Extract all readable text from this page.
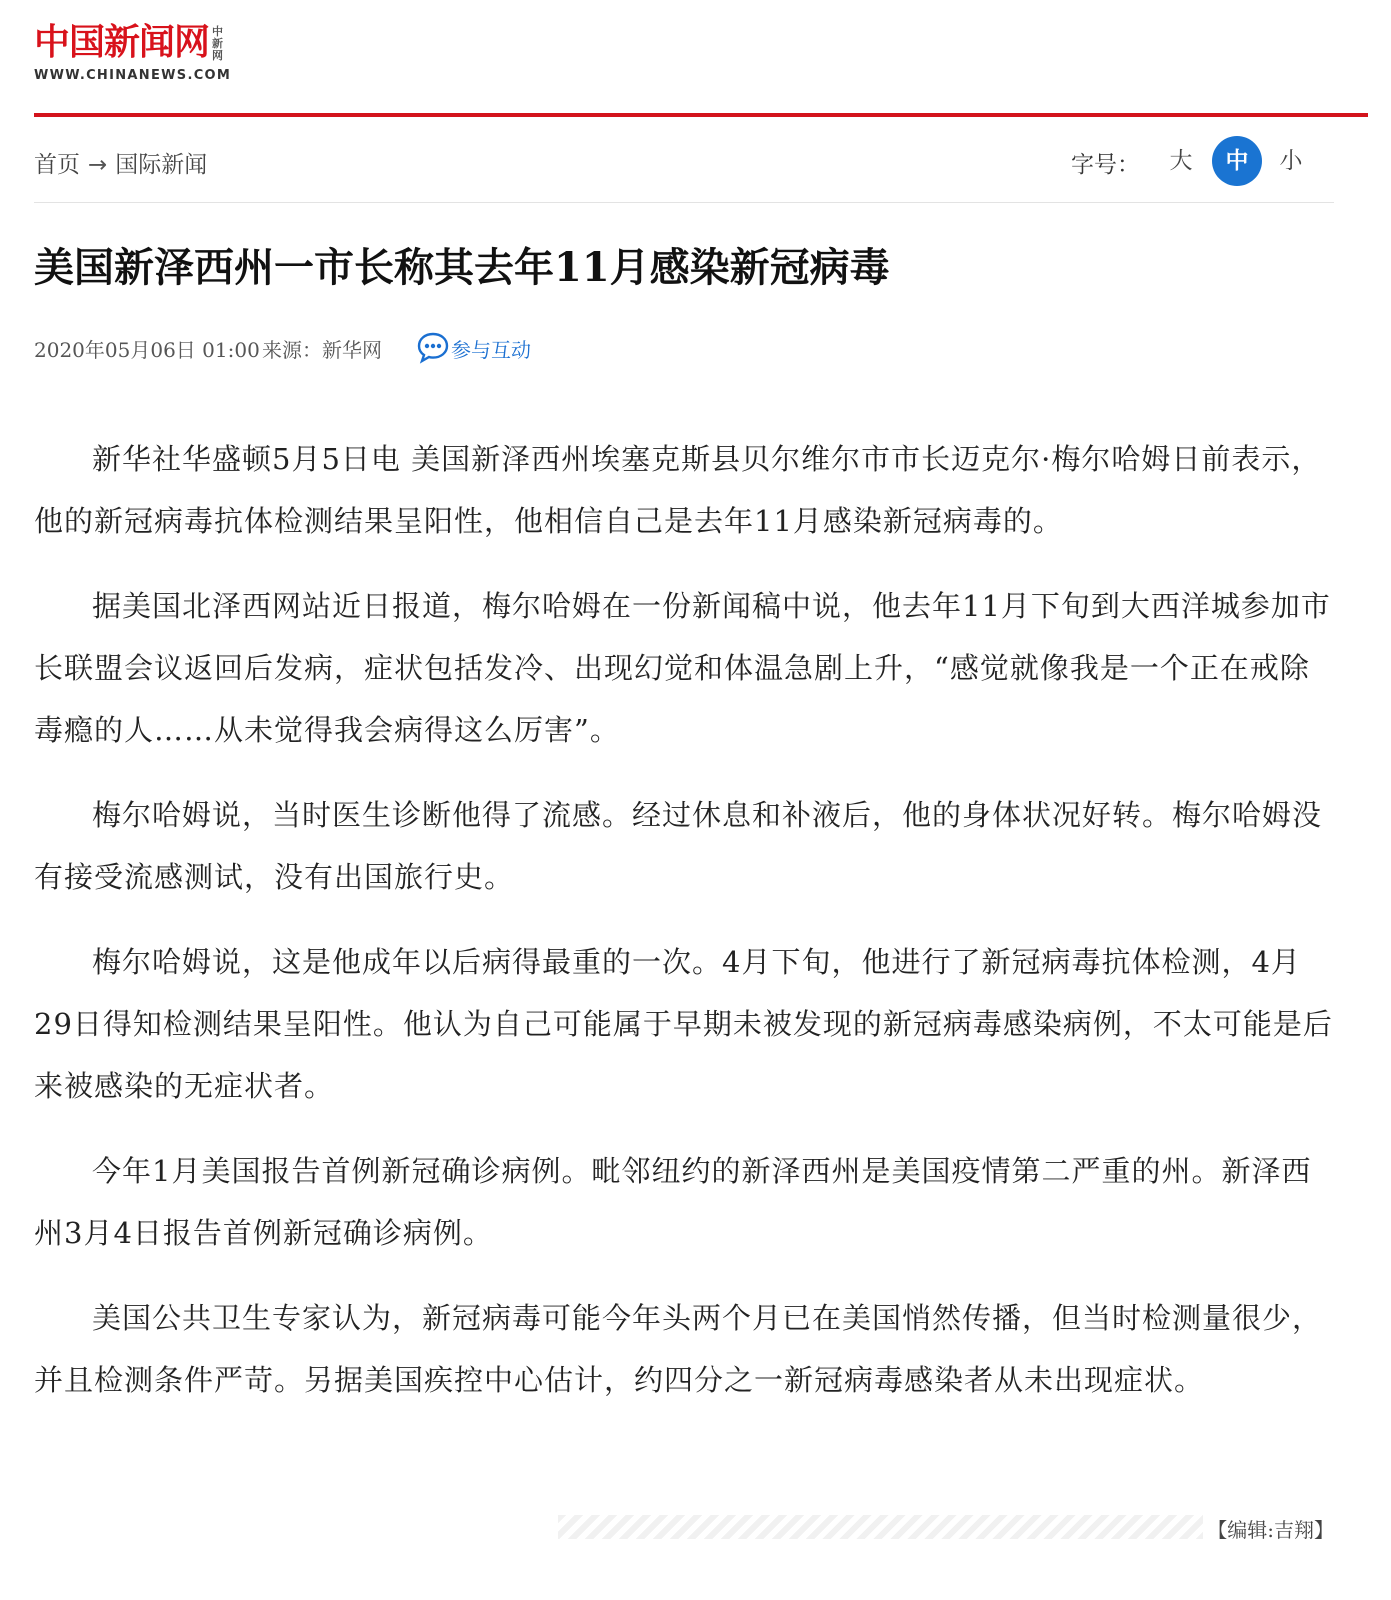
中国新闻网 中新网
WWW.CHINANEWS.COM
首页 → 国际新闻	字号：	大	中	小
美国新泽西州一市长称其去年11月感染新冠病毒
2020年05月06日 01:00 来源：新华网	参与互动

新华社华盛顿5月5日电 美国新泽西州埃塞克斯县贝尔维尔市市长迈克尔·梅尔哈姆日前表示，他的新冠病毒抗体检测结果呈阳性，他相信自己是去年11月感染新冠病毒的。

据美国北泽西网站近日报道，梅尔哈姆在一份新闻稿中说，他去年11月下旬到大西洋城参加市长联盟会议返回后发病，症状包括发冷、出现幻觉和体温急剧上升，“感觉就像我是一个正在戒除毒瘾的人……从未觉得我会病得这么厉害”。

梅尔哈姆说，当时医生诊断他得了流感。经过休息和补液后，他的身体状况好转。梅尔哈姆没有接受流感测试，没有出国旅行史。

梅尔哈姆说，这是他成年以后病得最重的一次。4月下旬，他进行了新冠病毒抗体检测，4月29日得知检测结果呈阳性。他认为自己可能属于早期未被发现的新冠病毒感染病例，不太可能是后来被感染的无症状者。

今年1月美国报告首例新冠确诊病例。毗邻纽约的新泽西州是美国疫情第二严重的州。新泽西州3月4日报告首例新冠确诊病例。

美国公共卫生专家认为，新冠病毒可能今年头两个月已在美国悄然传播，但当时检测量很少，并且检测条件严苛。另据美国疾控中心估计，约四分之一新冠病毒感染者从未出现症状。

【编辑:吉翔】
